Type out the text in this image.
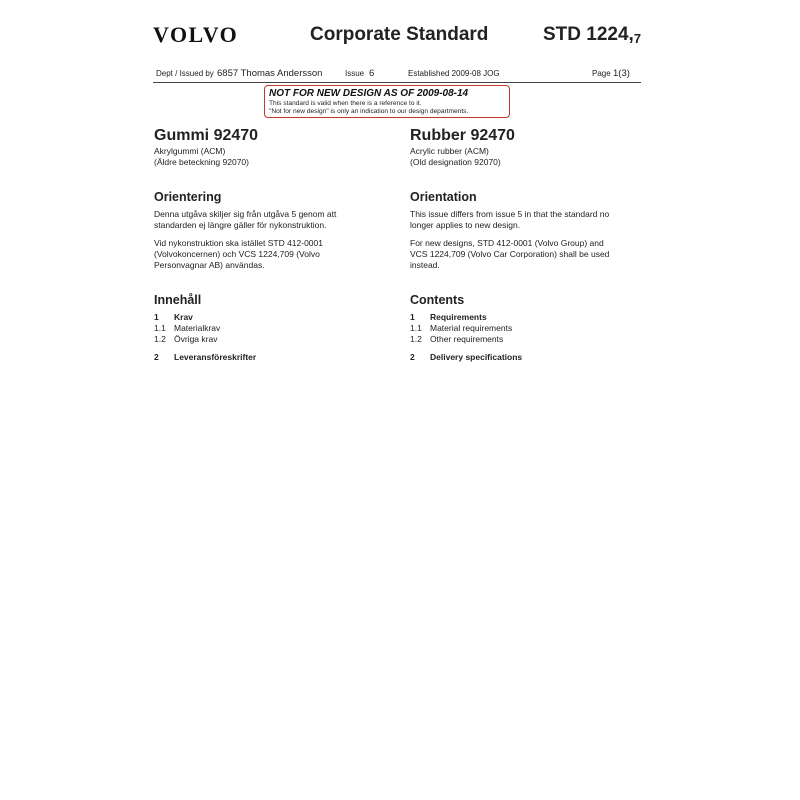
VOLVO	Corporate Standard	STD $1224,_7$
Dept / Issued by 6857 Thomas Andersson	Issue 6	Established 2009-08 JOG	Page 1(3)
NOT FOR NEW DESIGN AS OF 2009-08-14
This standard is valid when there is a reference to it.
"Not for new design" is only an indication to our design departments.
Gummi 92470
Akrylgummi (ACM)
(Äldre beteckning 92070)
Orientering
Denna utgåva skiljer sig från utgåva 5 genom att
standarden ej längre gäller för nykonstruktion.
Vid nykonstruktion ska istället STD 412-0001
(Volvokoncernen) och VCS 1224,709 (Volvo
Personvagnar AB) användas.
Innehåll
1	Krav
1.1 Materialkrav
1.2 Övriga krav
2	Leveransföreskrifter
Rubber 92470
Acrylic rubber (ACM)
(Old designation 92070)
Orientation
This issue differs from issue 5 in that the standard no
longer applies to new design.
For new designs, STD 412-0001 (Volvo Group) and
VCS 1224,709 (Volvo Car Corporation) shall be used
instead.
Contents
1	Requirements
1.1 Material requirements
1.2 Other requirements
2	Delivery specifications
